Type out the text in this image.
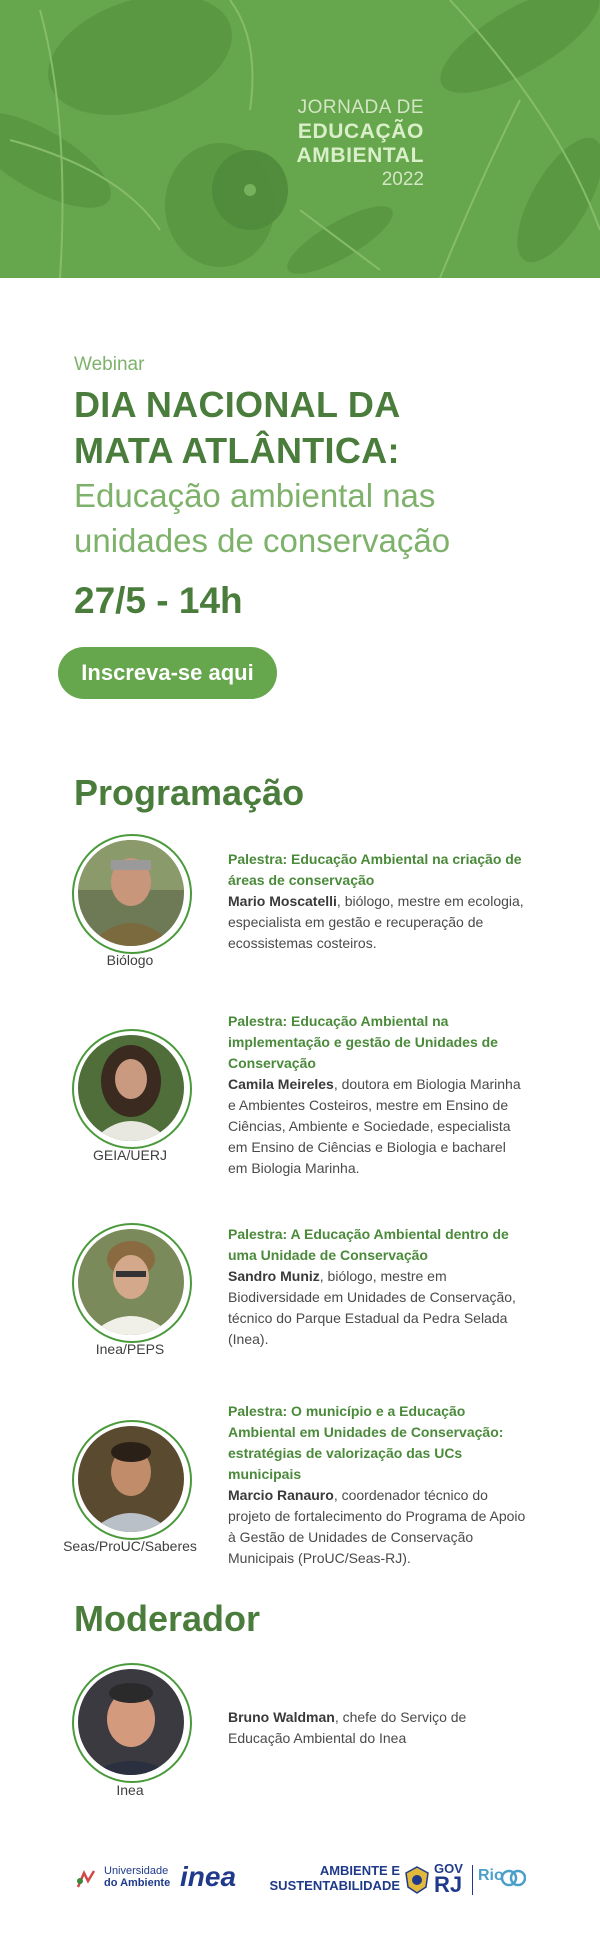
JORNADA DE
EDUCAÇÃO
AMBIENTAL
2022
Webinar
DIA NACIONAL DA
MATA ATLÂNTICA:
Educação ambiental nas unidades de conservação
27/5 - 14h
Inscreva-se aqui
Programação
Biólogo
Palestra: Educação Ambiental na criação de áreas de conservação
Mario Moscatelli, biólogo, mestre em ecologia, especialista em gestão e recuperação de ecossistemas costeiros.
GEIA/UERJ
Palestra: Educação Ambiental na implementação e gestão de Unidades de Conservação
Camila Meireles, doutora em Biologia Marinha e Ambientes Costeiros, mestre em Ensino de Ciências, Ambiente e Sociedade, especialista em Ensino de Ciências e Biologia e bacharel em Biologia Marinha.
Inea/PEPS
Palestra: A Educação Ambiental dentro de uma Unidade de Conservação
Sandro Muniz, biólogo, mestre em Biodiversidade em Unidades de Conservação, técnico do Parque Estadual da Pedra Selada (Inea).
Seas/ProUC/Saberes
Palestra: O município e a Educação Ambiental em Unidades de Conservação: estratégias de valorização das UCs municipais
Marcio Ranauro, coordenador técnico do projeto de fortalecimento do Programa de Apoio à Gestão de Unidades de Conservação Municipais (ProUC/Seas-RJ).
Moderador
Inea
Bruno Waldman, chefe do Serviço de Educação Ambiental do Inea
Universidade
do Ambiente inea	AMBIENTE E
SUSTENTABILIDADE
GOV
RJ Rio
